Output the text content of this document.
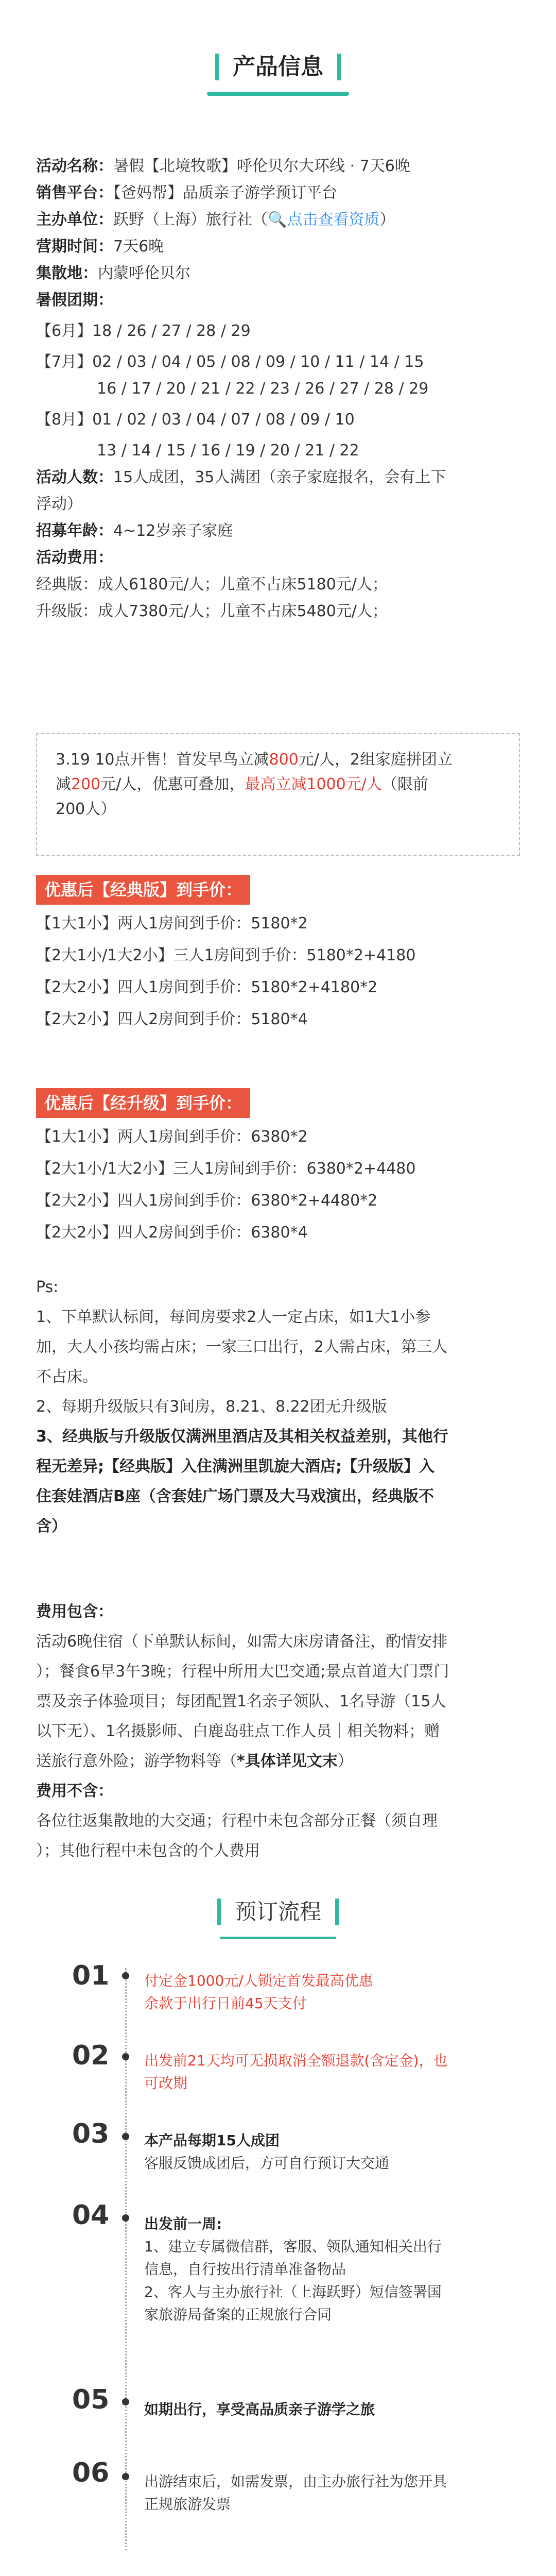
产品信息
活动名称：暑假【北境牧歌】呼伦贝尔大环线 · 7天6晚
销售平台：【爸妈帮】品质亲子游学预订平台
主办单位：跃野（上海）旅行社（🔍点击查看资质）
营期时间：7天6晚
集散地：内蒙呼伦贝尔
暑假团期：
【6月】18 / 26 / 27 / 28 / 29
【7月】02 / 03 / 04 / 05 / 08 / 09 / 10 / 11 / 14 / 15
16 / 17 / 20 / 21 / 22 / 23 / 26 / 27 / 28 / 29
【8月】01 / 02 / 03 / 04 / 07 / 08 / 09 / 10
13 / 14 / 15 / 16 / 19 / 20 / 21 / 22
活动人数：15人成团，35人满团（亲子家庭报名，会有上下
浮动）
招募年龄：4~12岁亲子家庭
活动费用：
经典版：成人6180元/人；儿童不占床5180元/人；
升级版：成人7380元/人；儿童不占床5480元/人；
3.19 10点开售！首发早鸟立减800元/人，2组家庭拼团立
减200元/人，优惠可叠加，最高立减1000元/人（限前
200人）
优惠后【经典版】到手价：
【1大1小】两人1房间到手价：5180*2
【2大1小/1大2小】三人1房间到手价：5180*2+4180
【2大2小】四人1房间到手价：5180*2+4180*2
【2大2小】四人2房间到手价：5180*4
优惠后【经升级】到手价：
【1大1小】两人1房间到手价：6380*2
【2大1小/1大2小】三人1房间到手价：6380*2+4480
【2大2小】四人1房间到手价：6380*2+4480*2
【2大2小】四人2房间到手价：6380*4
Ps:
1、下单默认标间，每间房要求2人一定占床，如1大1小参
加，大人小孩均需占床；一家三口出行，2人需占床，第三人
不占床。
2、每期升级版只有3间房，8.21、8.22团无升级版
3、经典版与升级版仅满洲里酒店及其相关权益差别，其他行
程无差异;【经典版】入住满洲里凯旋大酒店;【升级版】入
住套娃酒店B座（含套娃广场门票及大马戏演出，经典版不
含）
费用包含：
活动6晚住宿（下单默认标间，如需大床房请备注，酌情安排
）；餐食6早3午3晚；行程中所用大巴交通;景点首道大门票门
票及亲子体验项目；每团配置1名亲子领队、1名导游（15人
以下无）、1名摄影师、白鹿岛驻点工作人员｜相关物料；赠
送旅行意外险；游学物料等（*具体详见文末）
费用不含：
各位往返集散地的大交通；行程中未包含部分正餐（须自理
）；其他行程中未包含的个人费用
预订流程
01 付定金1000元/人锁定首发最高优惠
余款于出行日前45天支付
02 出发前21天均可无损取消全额退款(含定金)，也
可改期
03 本产品每期15人成团
客服反馈成团后，方可自行预订大交通
04 出发前一周:
1、建立专属微信群，客服、领队通知相关出行
信息，自行按出行清单准备物品
2、客人与主办旅行社（上海跃野）短信签署国
家旅游局备案的正规旅行合同
05 如期出行，享受高品质亲子游学之旅
06 出游结束后，如需发票，由主办旅行社为您开具
正规旅游发票
